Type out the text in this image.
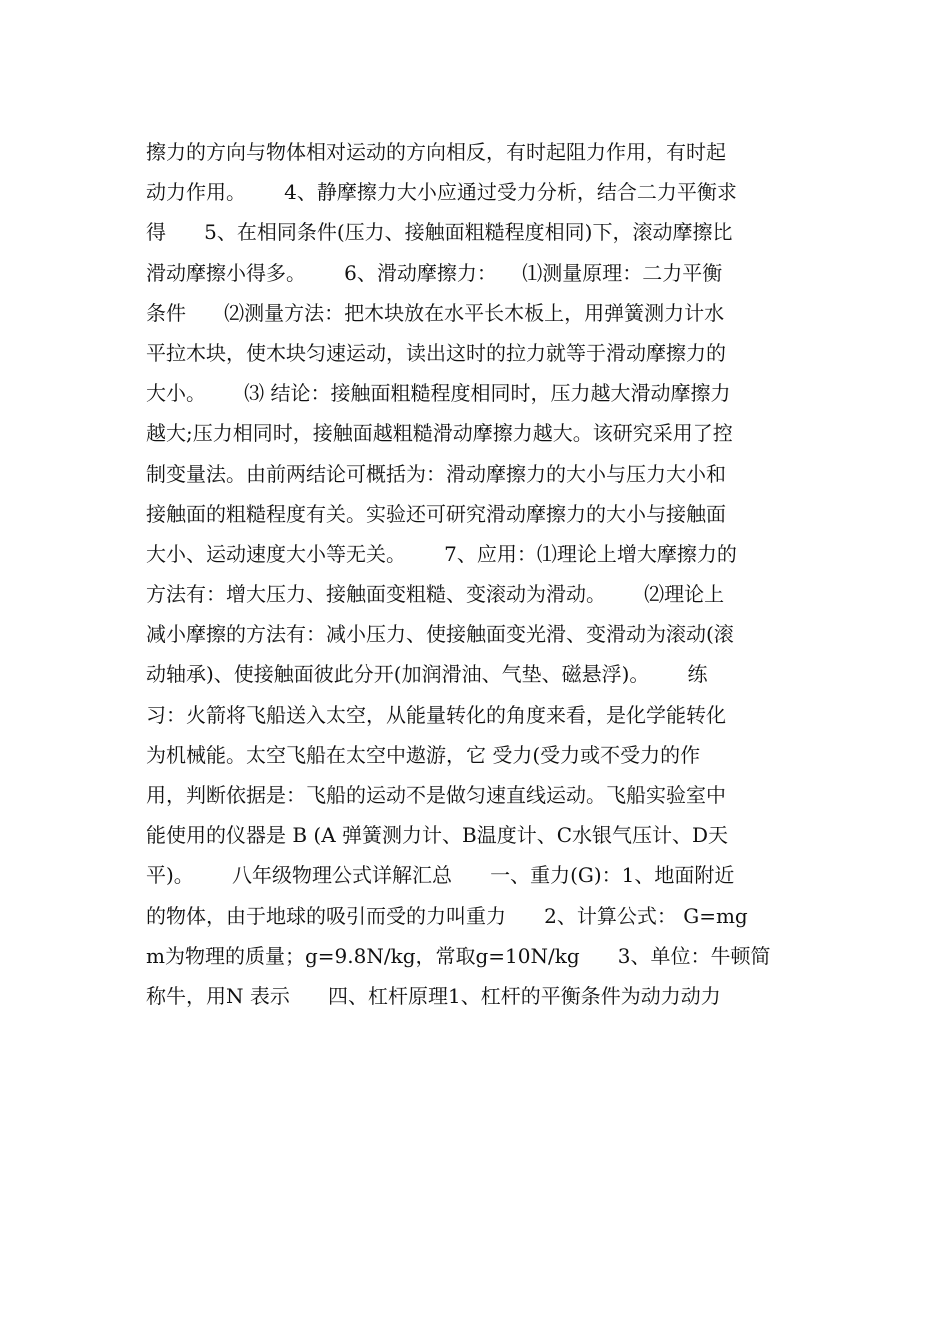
擦力的方向与物体相对运动的方向相反，有时起阻力作用，有时起
动力作用。      4、静摩擦力大小应通过受力分析，结合二力平衡求
得      5、在相同条件(压力、接触面粗糙程度相同)下，滚动摩擦比
滑动摩擦小得多。      6、滑动摩擦力：    ⑴测量原理：二力平衡
条件      ⑵测量方法：把木块放在水平长木板上，用弹簧测力计水
平拉木块，使木块匀速运动，读出这时的拉力就等于滑动摩擦力的
大小。      ⑶ 结论：接触面粗糙程度相同时，压力越大滑动摩擦力
越大;压力相同时，接触面越粗糙滑动摩擦力越大。该研究采用了控
制变量法。由前两结论可概括为：滑动摩擦力的大小与压力大小和
接触面的粗糙程度有关。实验还可研究滑动摩擦力的大小与接触面
大小、运动速度大小等无关。      7、应用：⑴理论上增大摩擦力的
方法有：增大压力、接触面变粗糙、变滚动为滑动。      ⑵理论上
减小摩擦的方法有：减小压力、使接触面变光滑、变滑动为滚动(滚
动轴承)、使接触面彼此分开(加润滑油、气垫、磁悬浮)。      练
习：火箭将飞船送入太空，从能量转化的角度来看，是化学能转化
为机械能。太空飞船在太空中遨游，它 受力(受力或不受力的作
用，判断依据是：飞船的运动不是做匀速直线运动。飞船实验室中
能使用的仪器是 B (A 弹簧测力计、B温度计、C水银气压计、D天
平)。      八年级物理公式详解汇总      一、重力(G)：1、地面附近
的物体，由于地球的吸引而受的力叫重力      2、计算公式： G=mg
m为物理的质量；g=9.8N/kg，常取g=10N/kg      3、单位：牛顿简
称牛，用N 表示      四、杠杆原理1、杠杆的平衡条件为动力动力
